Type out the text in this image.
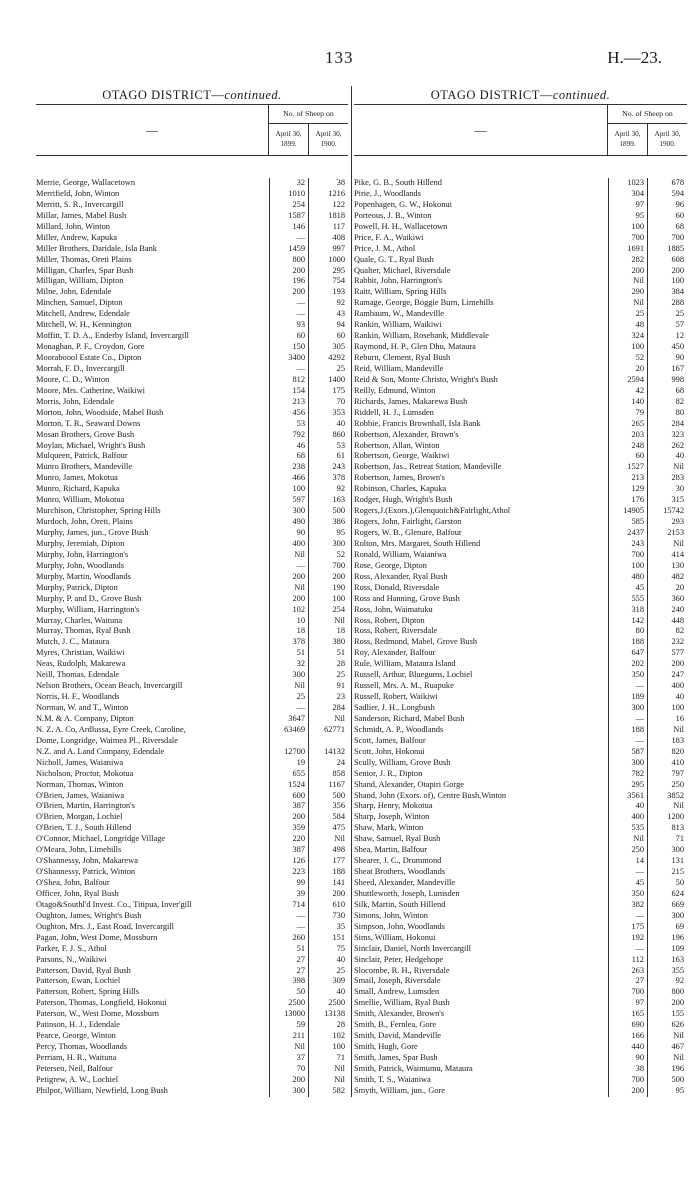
133	H.—23.
OTAGO DISTRICT—continued.
—
No. of Sheep on
April 30, 1899.
April 30, 1900.
Merrie, George, Wallacetown	32	38
Merrifield, John, Winton	1010	1216
Merritt, S. R., Invercargill	254	122
Millar, James, Mabel Bush	1587	1818
Millard, John, Winton	146	117
Miller, Andrew, Kapuka	—	408
Miller Brothers, Daridale, Isla Bank	1459	997
Miller, Thomas, Oreti Plains	800	1000
Milligan, Charles, Spar Bush	200	295
Milligan, William, Dipton	196	754
Milne, John, Edendale	200	193
Minchen, Samuel, Dipton	—	92
Mitchell, Andrew, Edendale	—	43
Mitchell, W. H., Kennington	93	94
Moffitt, T. D. A., Enderby Island, Invercargill	60	60
Monaghan, P. F., Croydon, Gore	150	305
Mooraboool Estate Co., Dipton	3400	4292
Morrah, F. D., Invercargill	—	25
Moore, C. D., Winton	812	1400
Moore, Mrs. Catherine, Waikiwi	154	175
Morris, John, Edendale	213	70
Morton, John, Woodside, Mabel Bush	456	353
Morton, T. R., Seaward Downs	53	40
Mosan Brothers, Grove Bush	792	860
Moylan, Michael, Wright's Bush	46	53
Mulqueen, Patrick, Balfour	68	61
Munro Brothers, Mandeville	238	243
Munro, James, Mokotua	466	378
Munro, Richard, Kapuka	100	92
Munro, William, Mokotua	597	163
Murchison, Christopher, Spring Hills	300	500
Murdoch, John, Oreti, Plains	490	386
Murphy, James, jun., Grove Bush	90	95
Murphy, Jeremiah, Dipton	400	300
Murphy, John, Harrington's	Nil	52
Murphy, John, Woodlands	—	700
Murphy, Martin, Woodlands	200	200
Murphy, Patrick, Dipton	Nil	190
Murphy, P. and D., Grove Bush	200	100
Murphy, William, Harrington's	102	254
Murray, Charles, Waituna	10	Nil
Murray, Thomas, Ryal Bush	18	18
Mutch, J. C., Mataura	378	380
Myres, Christian, Waikiwi	51	51
Neas, Rudolph, Makarewa	32	28
Neill, Thomas, Edendale	300	25
Nelson Brothers, Ocean Beach, Invercargill	Nil	91
Norris, H. F., Woodlands	25	23
Norman, W. and T., Winton	—	284
N.M. & A. Company, Dipton	3647	Nil
N. Z. A. Co, Ardlussa, Eyre Creek, Caroline,	63469	62771
Dome, Longridge, Waimea Pl., Riversdale
N.Z. and A. Land Company, Edendale	12700	14132
Nicholl, James, Waianiwa	19	24
Nicholson, Proctor, Mokotua	655	858
Norman, Thomas, Winton	1524	1167
O'Brien, James, Waianiwa	600	500
O'Brien, Martin, Harrington's	387	356
O'Brien, Morgan, Lochiel	200	584
O'Brien, T. J., South Hillend	359	475
O'Connor, Michael, Longridge Village	220	Nil
O'Meara, John, Limehills	387	498
O'Shannessy, John, Makarewa	126	177
O'Shannessy, Patrick, Winton	223	188
O'Shea, John, Balfour	99	141
Officer, John, Ryal Bush	39	200
Otago&Southl'd Invest. Co., Titipua, Inver'gill	714	610
Oughton, James, Wright's Bush	—	730
Oughton, Mrs. J., East Road, Invercargill	—	35
Pagan, John, West Dome, Mossburn	260	151
Parker, F. J. S., Athol	51	75
Parsons, N., Waikiwi	27	40
Patterson, David, Ryal Bush	27	25
Patterson, Ewan, Lochiel	398	309
Patterson, Robert, Spring Hills	50	40
Paterson, Thomas, Longfield, Hokonui	2500	2500
Paterson, W., West Dome, Mossburn	13000	13138
Patinson, H. J., Edendale	59	28
Pearce, George, Winton	211	102
Percy, Thomas, Woodlands	Nil	100
Perriam, H. R., Waituna	37	71
Petersen, Neil, Balfour	70	Nil
Petigrew, A. W., Lochiel	200	Nil
Philpot, William, Newfield, Long Bush	300	582
OTAGO DISTRICT—continued.
—
No. of Sheep on
April 30, 1899.
April 30, 1900.
Pike, G. B., South Hillend	1023	678
Pirie, J., Woodlands	304	594
Popenhagen, G. W., Hokonui	97	96
Porteous, J. B., Winton	95	60
Powell, H. H., Wallacetown	100	68
Price, F. A., Waikiwi	700	700
Price, J. M., Athol	1691	1885
Quale, G. T., Ryal Bush	282	608
Qualter, Michael, Riversdale	200	200
Rabbit, John, Harrington's	Nil	100
Raitt, William, Spring Hills	290	384
Ramage, George, Boggie Burn, Limehills	Nil	288
Rambaum, W., Mandeville	25	25
Rankin, William, Waikiwi	48	57
Rankin, William, Rosebank, Middlevale	324	12
Raymond, H. P., Glen Dhu, Mataura	100	450
Reburn, Clement, Ryal Bush	52	90
Reid, William, Mandeville	20	167
Reid & Son, Monte Christo, Wright's Bush	2594	998
Reilly, Edmund, Winton	42	68
Richards, James, Makarewa Bush	140	82
Riddell, H. J., Lumsden	79	80
Robbie, Francis Brownhall, Isla Bank	265	284
Robertson, Alexander, Brown's	203	323
Robertson, Allan, Winton	248	262
Robertson, George, Waikiwi	60	40
Robertson, Jas., Retreat Station, Mandeville	1527	Nil
Robertson, James, Brown's	213	283
Robinson, Charles, Kapuka	129	30
Rodger, Hugh, Wright's Bush	176	315
Rogers,J.(Exors.),Glenquoich&Fairlight,Athol	14905	15742
Rogers, John, Fairlight, Garston	585	293
Rogers, W. B., Glenure, Balfour	2437	2153
Rolton, Mrs. Margaret, South Hillend	243	Nil
Ronald, William, Waianiwa	700	414
Rose, George, Dipton	100	130
Ross, Alexander, Ryal Bush	480	482
Ross, Donald, Riversdale	45	20
Ross and Hanning, Grove Bush	555	360
Ross, John, Waimatuku	318	240
Ross, Robert, Dipton	142	448
Ross, Robert, Riversdale	80	82
Ross, Redmond, Mabel, Grove Bush	188	232
Roy, Alexander, Balfour	647	577
Rule, William, Mataura Island	202	200
Russell, Arthur, Bluegums, Lochiel	350	247
Russell, Mrs. A. M., Ruapuke	—	400
Russell, Robert, Waikiwi	189	40
Sadlier, J. H., Longbush	300	100
Sanderson, Richard, Mabel Bush	—	16
Schmidt, A. P., Woodlands	188	Nil
Scott, James, Balfour	—	183
Scott, John, Hokonui	587	820
Scully, William, Grove Bush	300	410
Senior, J. R., Dipton	782	797
Shand, Alexander, Otapiri Gorge	295	250
Shand, John (Exors. of), Centre Bush,Winton	3561	3852
Sharp, Henry, Mokotua	40	Nil
Sharp, Joseph, Winton	400	1200
Shaw, Mark, Winton	535	813
Shaw, Samuel, Ryal Bush	Nil	71
Shea, Martin, Balfour	250	300
Shearer, J. C., Drummond	14	131
Sheat Brothers, Woodlands	—	215
Sheed, Alexander, Mandeville	45	50
Shuttleworth, Joseph, Lumsden	350	624
Silk, Martin, South Hillend	382	669
Simons, John, Winton	—	300
Simpson, John, Woodlands	175	69
Sims, William, Hokonui	192	196
Sinclair, Daniel, North Invercargill	—	109
Sinclair, Peter, Hedgehope	112	163
Slocombe, R. H., Riversdale	263	355
Smail, Joseph, Riversdale	27	92
Small, Andrew, Lumsden	700	800
Smellie, William, Ryal Bush	97	200
Smith, Alexander, Brown's	165	155
Smith, B., Fernlea, Gore	690	626
Smith, David, Mandeville	166	Nil
Smith, Hugh, Gore	440	467
Smith, James, Spar Bush	90	Nil
Smith, Patrick, Waimumu, Mataura	38	196
Smith, T. S., Waianiwa	700	500
Smyth, William, jun., Gore	200	95
